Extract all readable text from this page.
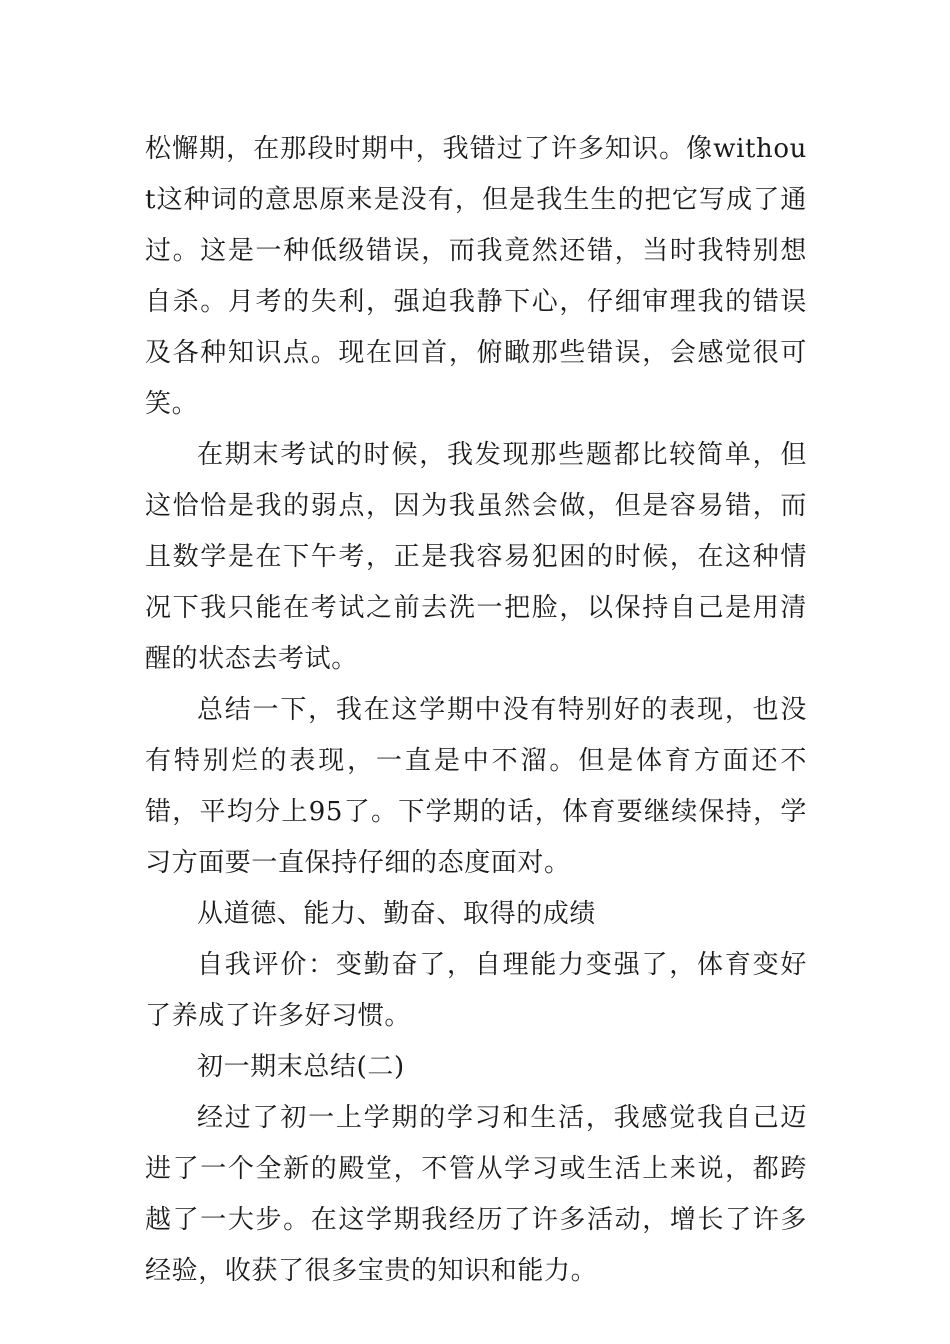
松懈期，在那段时期中，我错过了许多知识。像without这种词的意思原来是没有，但是我生生的把它写成了通过。这是一种低级错误，而我竟然还错，当时我特别想自杀。月考的失利，强迫我静下心，仔细审理我的错误及各种知识点。现在回首，俯瞰那些错误，会感觉很可笑。

在期末考试的时候，我发现那些题都比较简单，但这恰恰是我的弱点，因为我虽然会做，但是容易错，而且数学是在下午考，正是我容易犯困的时候，在这种情况下我只能在考试之前去洗一把脸，以保持自己是用清醒的状态去考试。

总结一下，我在这学期中没有特别好的表现，也没有特别烂的表现，一直是中不溜。但是体育方面还不错，平均分上95了。下学期的话，体育要继续保持，学习方面要一直保持仔细的态度面对。

从道德、能力、勤奋、取得的成绩

自我评价：变勤奋了，自理能力变强了，体育变好了养成了许多好习惯。

初一期末总结(二)

经过了初一上学期的学习和生活，我感觉我自己迈进了一个全新的殿堂，不管从学习或生活上来说，都跨越了一大步。在这学期我经历了许多活动，增长了许多经验，收获了很多宝贵的知识和能力。
